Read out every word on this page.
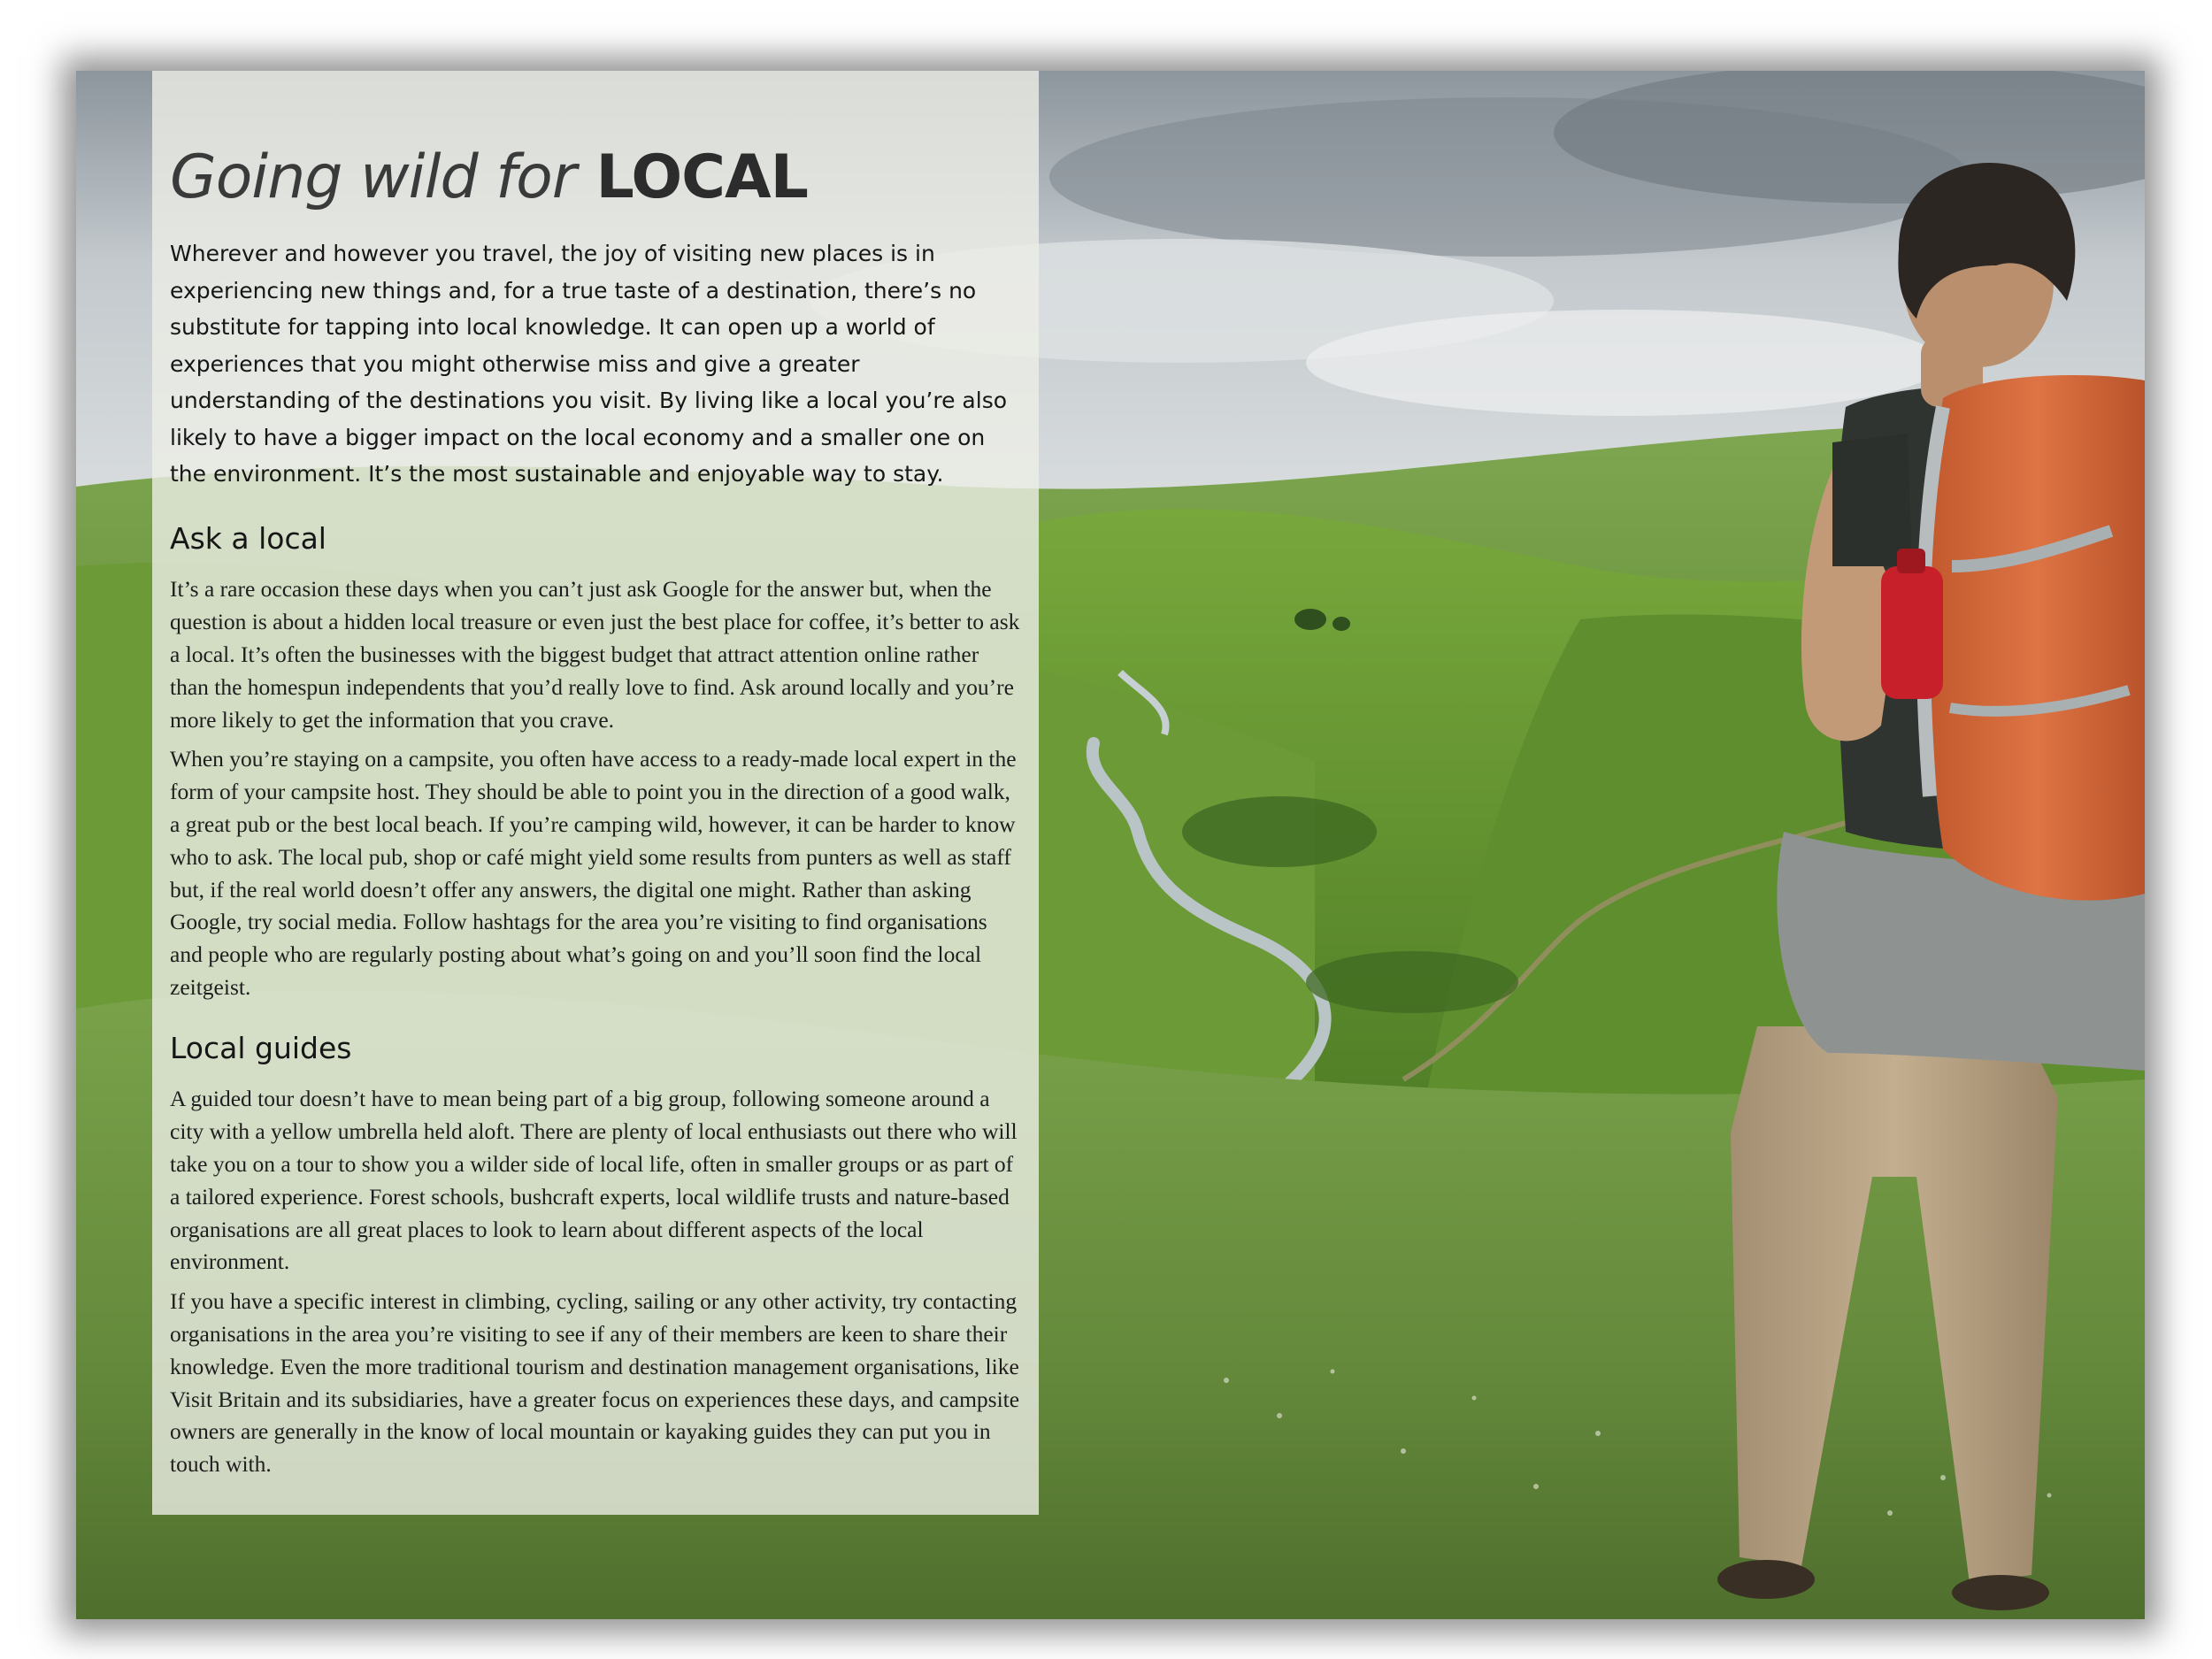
Going wild for LOCAL

Wherever and however you travel, the joy of visiting new places is in experiencing new things and, for a true taste of a destination, there’s no substitute for tapping into local knowledge. It can open up a world of experiences that you might otherwise miss and give a greater understanding of the destinations you visit. By living like a local you’re also likely to have a bigger impact on the local economy and a smaller one on the environment. It’s the most sustainable and enjoyable way to stay.

Ask a local

It’s a rare occasion these days when you can’t just ask Google for the answer but, when the question is about a hidden local treasure or even just the best place for coffee, it’s better to ask a local. It’s often the businesses with the biggest budget that attract attention online rather than the homespun independents that you’d really love to find. Ask around locally and you’re more likely to get the information that you crave.

When you’re staying on a campsite, you often have access to a ready-made local expert in the form of your campsite host. They should be able to point you in the direction of a good walk, a great pub or the best local beach. If you’re camping wild, however, it can be harder to know who to ask. The local pub, shop or café might yield some results from punters as well as staff but, if the real world doesn’t offer any answers, the digital one might. Rather than asking Google, try social media. Follow hashtags for the area you’re visiting to find organisations and people who are regularly posting about what’s going on and you’ll soon find the local zeitgeist.

Local guides

A guided tour doesn’t have to mean being part of a big group, following someone around a city with a yellow umbrella held aloft. There are plenty of local enthusiasts out there who will take you on a tour to show you a wilder side of local life, often in smaller groups or as part of a tailored experience. Forest schools, bushcraft experts, local wildlife trusts and nature-based organisations are all great places to look to learn about different aspects of the local environment.

If you have a specific interest in climbing, cycling, sailing or any other activity, try contacting organisations in the area you’re visiting to see if any of their members are keen to share their knowledge. Even the more traditional tourism and destination management organisations, like Visit Britain and its subsidiaries, have a greater focus on experiences these days, and campsite owners are generally in the know of local mountain or kayaking guides they can put you in touch with.
